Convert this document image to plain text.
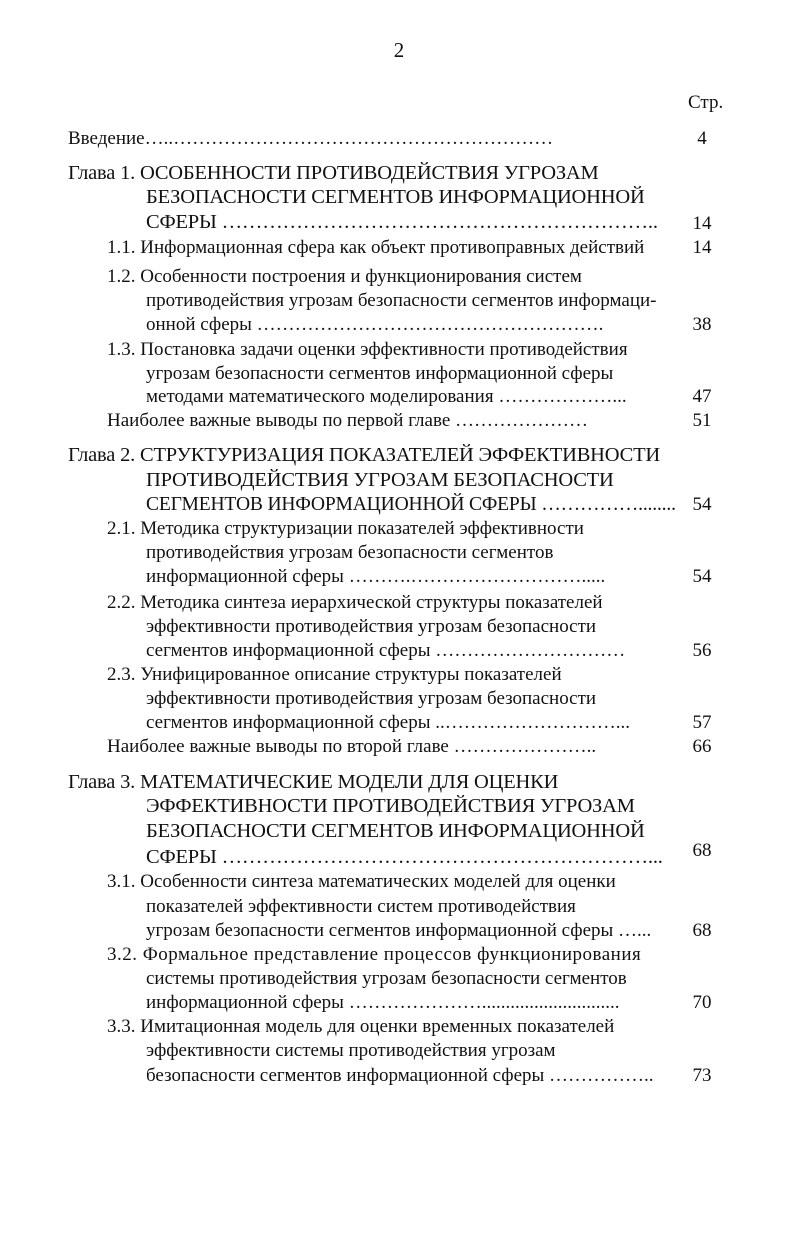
2
Стр.
Введение…..……………………………………………………	4
Глава 1. ОСОБЕННОСТИ ПРОТИВОДЕЙСТВИЯ УГРОЗАМ
БЕЗОПАСНОСТИ СЕГМЕНТОВ ИНФОРМАЦИОННОЙ
СФЕРЫ ………………………………………………………..	14
1.1. Информационная сфера как объект противоправных действий	14
1.2. Особенности построения и функционирования систем
противодействия угрозам безопасности сегментов информаци-
онной сферы ……………………………………………….	38
1.3. Постановка задачи оценки эффективности противодействия
угрозам безопасности сегментов информационной сферы
методами математического моделирования ………………...	47
Наиболее важные выводы по первой главе …………………	51
Глава 2. СТРУКТУРИЗАЦИЯ ПОКАЗАТЕЛЕЙ ЭФФЕКТИВНОСТИ
ПРОТИВОДЕЙСТВИЯ УГРОЗАМ БЕЗОПАСНОСТИ
СЕГМЕНТОВ ИНФОРМАЦИОННОЙ СФЕРЫ ……………........ 54
2.1. Методика структуризации показателей эффективности
противодействия угрозам безопасности сегментов
информационной сферы ……….……………………….....	54
2.2. Методика синтеза иерархической структуры показателей
эффективности противодействия угрозам безопасности
сегментов информационной сферы …………………………	56
2.3. Унифицированное описание структуры показателей
эффективности противодействия угрозам безопасности
сегментов информационной сферы ..………………………...	57
Наиболее важные выводы по второй главе …………………..	66
Глава 3. МАТЕМАТИЧЕСКИЕ МОДЕЛИ ДЛЯ ОЦЕНКИ
ЭФФЕКТИВНОСТИ ПРОТИВОДЕЙСТВИЯ УГРОЗАМ
БЕЗОПАСНОСТИ СЕГМЕНТОВ ИНФОРМАЦИОННОЙ
СФЕРЫ ………………………………………………………...	68
3.1. Особенности синтеза математических моделей для оценки
показателей эффективности систем противодействия
угрозам безопасности сегментов информационной сферы …...	68
3.2. Формальное представление процессов функционирования
системы противодействия угрозам безопасности сегментов
информационной сферы ………………….............................	70
3.3. Имитационная модель для оценки временных показателей
эффективности системы противодействия угрозам
безопасности сегментов информационной сферы ……………..	73
